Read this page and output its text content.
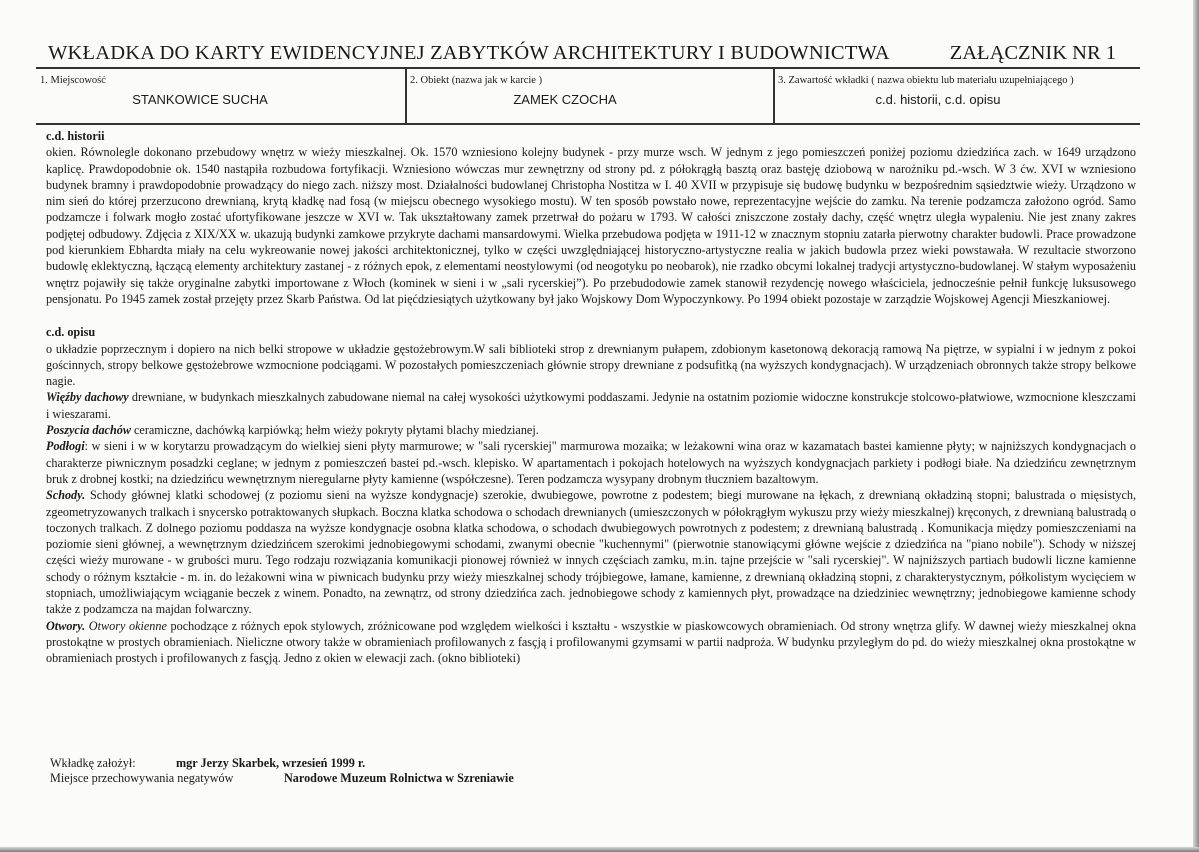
WKŁADKA DO KARTY EWIDENCYJNEJ ZABYTKÓW ARCHITEKTURY I BUDOWNICTWA	ZAŁĄCZNIK NR 1
1. Miejscowość
STANKOWICE SUCHA
2. Obiekt (nazwa jak w karcie )
ZAMEK CZOCHA
3. Zawartość wkładki ( nazwa obiektu lub materiału uzupełniającego )
c.d. historii, c.d. opisu

c.d. historii

okien. Równolegle dokonano przebudowy wnętrz w wieży mieszkalnej. Ok. 1570 wzniesiono kolejny budynek - przy murze wsch. W jednym z jego pomieszczeń poniżej poziomu dziedzińca zach. w 1649 urządzono kaplicę. Prawdopodobnie ok. 1540 nastąpiła rozbudowa fortyfikacji. Wzniesiono wówczas mur zewnętrzny od strony pd. z półokrągłą basztą oraz bastęję dziobową w narożniku pd.-wsch. W 3 ćw. XVI w wzniesiono budynek bramny i prawdopodobnie prowadzący do niego zach. niższy most. Działalności budowlanej Christopha Nostitza w I. 40 XVII w przypisuje się budowę budynku w bezpośrednim sąsiedztwie wieży. Urządzono w nim sień do której przerzucono drewnianą, krytą kładkę nad fosą (w miejscu obecnego wysokiego mostu). W ten sposób powstało nowe, reprezentacyjne wejście do zamku. Na terenie podzamcza założono ogród. Samo podzamcze i folwark mogło zostać ufortyfikowane jeszcze w XVI w. Tak ukształtowany zamek przetrwał do pożaru w 1793. W całości zniszczone zostały dachy, część wnętrz uległa wypaleniu. Nie jest znany zakres podjętej odbudowy. Zdjęcia z XIX/XX w. ukazują budynki zamkowe przykryte dachami mansardowymi. Wielka przebudowa podjęta w 1911-12 w znacznym stopniu zatarła pierwotny charakter budowli. Prace prowadzone pod kierunkiem Ebhardta miały na celu wykreowanie nowej jakości architektonicznej, tylko w części uwzględniającej historyczno-artystyczne realia w jakich budowla przez wieki powstawała. W rezultacie stworzono budowlę eklektyczną, łączącą elementy architektury zastanej - z różnych epok, z elementami neostylowymi (od neogotyku po neobarok), nie rzadko obcymi lokalnej tradycji artystyczno-budowlanej. W stałym wyposażeniu wnętrz pojawiły się także oryginalne zabytki importowane z Włoch (kominek w sieni i w „sali rycerskiej”). Po przebudodowie zamek stanowił rezydencję nowego właściciela, jednocześnie pełnił funkcję luksusowego pensjonatu. Po 1945 zamek został przejęty przez Skarb Państwa. Od lat pięćdziesiątych użytkowany był jako Wojskowy Dom Wypoczynkowy. Po 1994 obiekt pozostaje w zarządzie Wojskowej Agencji Mieszkaniowej.

c.d. opisu

o układzie poprzecznym i dopiero na nich belki stropowe w układzie gęstożebrowym.W sali biblioteki strop z drewnianym pułapem, zdobionym kasetonową dekoracją ramową Na piętrze, w sypialni i w jednym z pokoi gościnnych, stropy belkowe gęstożebrowe wzmocnione podciągami. W pozostałych pomieszczeniach głównie stropy drewniane z podsufitką (na wyższych kondygnacjach). W urządzeniach obronnych także stropy belkowe nagie.

Więźby dachowy drewniane, w budynkach mieszkalnych zabudowane niemal na całej wysokości użytkowymi poddaszami. Jedynie na ostatnim poziomie widoczne konstrukcje stolcowo-płatwiowe, wzmocnione kleszczami i wieszarami.

Poszycia dachów ceramiczne, dachówką karpiówką; hełm wieży pokryty płytami blachy miedzianej.

Podłogi: w sieni i w w korytarzu prowadzącym do wielkiej sieni płyty marmurowe; w "sali rycerskiej" marmurowa mozaika; w leżakowni wina oraz w kazamatach bastei kamienne płyty; w najniższych kondygnacjach o charakterze piwnicznym posadzki ceglane; w jednym z pomieszczeń bastei pd.-wsch. klepisko. W apartamentach i pokojach hotelowych na wyższych kondygnacjach parkiety i podłogi białe. Na dziedzińcu zewnętrznym bruk z drobnej kostki; na dziedzińcu wewnętrznym nieregularne płyty kamienne (współczesne). Teren podzamcza wysypany drobnym tłuczniem bazaltowym.

Schody. Schody głównej klatki schodowej (z poziomu sieni na wyższe kondygnacje) szerokie, dwubiegowe, powrotne z podestem; biegi murowane na łękach, z drewnianą okładziną stopni; balustrada o mięsistych, zgeometryzowanych tralkach i snycersko potraktowanych słupkach. Boczna klatka schodowa o schodach drewnianych (umieszczonych w półokrągłym wykuszu przy wieży mieszkalnej) kręconych, z drewnianą balustradą o toczonych tralkach. Z dolnego poziomu poddasza na wyższe kondygnacje osobna klatka schodowa, o schodach dwubiegowych powrotnych z podestem; z drewnianą balustradą . Komunikacja między pomieszczeniami na poziomie sieni głównej, a wewnętrznym dziedzińcem szerokimi jednobiegowymi schodami, zwanymi obecnie "kuchennymi" (pierwotnie stanowiącymi główne wejście z dziedzińca na "piano nobile"). Schody w niższej części wieży murowane - w grubości muru. Tego rodzaju rozwiązania komunikacji pionowej również w innych częściach zamku, m.in. tajne przejście w "sali rycerskiej". W najniższych partiach budowli liczne kamienne schody o różnym kształcie - m. in. do leżakowni wina w piwnicach budynku przy wieży mieszkalnej schody trójbiegowe, łamane, kamienne, z drewnianą okładziną stopni, z charakterystycznym, półkolistym wycięciem w stopniach, umożliwiającym wciąganie beczek z winem. Ponadto, na zewnątrz, od strony dziedzińca zach. jednobiegowe schody z kamiennych płyt, prowadzące na dziedziniec wewnętrzny; jednobiegowe kamienne schody także z podzamcza na majdan folwarczny.

Otwory. Otwory okienne pochodzące z różnych epok stylowych, zróżnicowane pod względem wielkości i kształtu - wszystkie w piaskowcowych obramieniach. Od strony wnętrza glify. W dawnej wieży mieszkalnej okna prostokątne w prostych obramieniach. Nieliczne otwory także w obramieniach profilowanych z fasçją i profilowanymi gzymsami w partii nadproża. W budynku przyległym do pd. do wieży mieszkalnej okna prostokątne w obramieniach prostych i profilowanych z fasçją. Jedno z okien w elewacji zach. (okno biblioteki)

Wkładkę założył:	mgr Jerzy Skarbek, wrzesień 1999 r.
Miejsce przechowywania negatywów	Narodowe Muzeum Rolnictwa w Szreniawie
